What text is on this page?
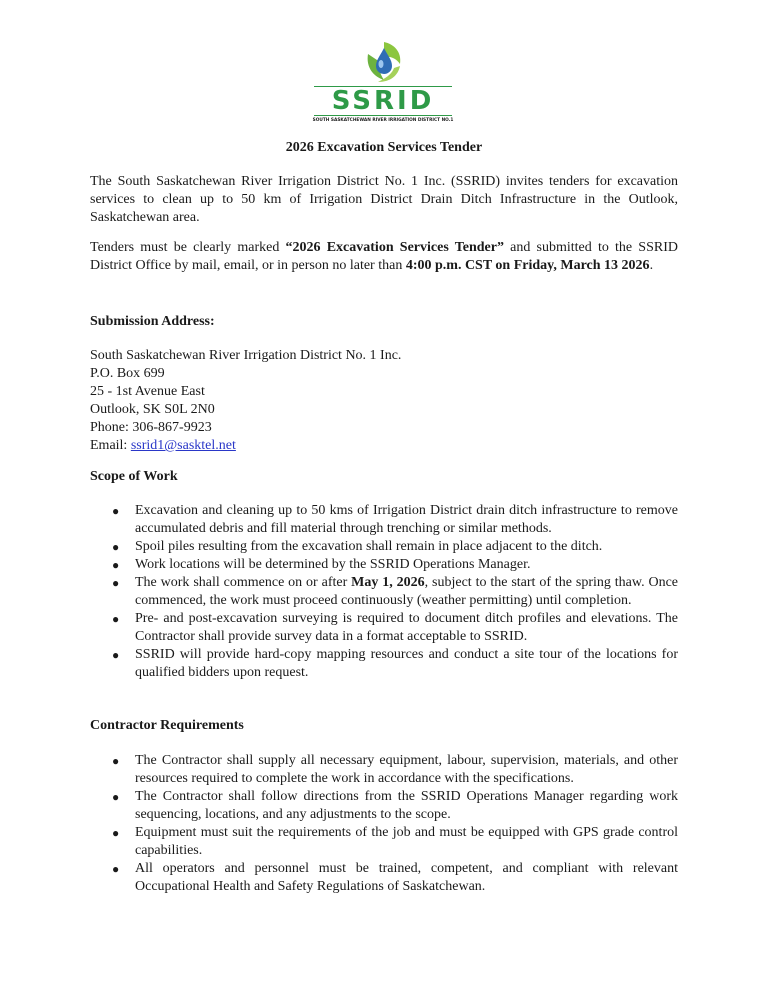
SSRID
SOUTH SASKATCHEWAN RIVER IRRIGATION DISTRICT NO.1
2026 Excavation Services Tender

The South Saskatchewan River Irrigation District No. 1 Inc. (SSRID) invites tenders for excavation services to clean up to 50 km of Irrigation District Drain Ditch Infrastructure in the Outlook, Saskatchewan area.

Tenders must be clearly marked “2026 Excavation Services Tender” and submitted to the SSRID District Office by mail, email, or in person no later than 4:00 p.m. CST on Friday, March 13 2026.

Submission Address:
South Saskatchewan River Irrigation District No. 1 Inc.
P.O. Box 699
25 - 1st Avenue East
Outlook, SK S0L 2N0
Phone: 306-867-9923
Email: ssrid1@sasktel.net
Scope of Work
● Excavation and cleaning up to 50 kms of Irrigation District drain ditch infrastructure to remove accumulated debris and fill material through trenching or similar methods.
● Spoil piles resulting from the excavation shall remain in place adjacent to the ditch.
● Work locations will be determined by the SSRID Operations Manager.
● The work shall commence on or after May 1, 2026, subject to the start of the spring thaw. Once commenced, the work must proceed continuously (weather permitting) until completion.
● Pre- and post-excavation surveying is required to document ditch profiles and elevations. The Contractor shall provide survey data in a format acceptable to SSRID.
● SSRID will provide hard-copy mapping resources and conduct a site tour of the locations for qualified bidders upon request.
Contractor Requirements
● The Contractor shall supply all necessary equipment, labour, supervision, materials, and other resources required to complete the work in accordance with the specifications.
● The Contractor shall follow directions from the SSRID Operations Manager regarding work sequencing, locations, and any adjustments to the scope.
● Equipment must suit the requirements of the job and must be equipped with GPS grade control capabilities.
● All operators and personnel must be trained, competent, and compliant with relevant Occupational Health and Safety Regulations of Saskatchewan.
